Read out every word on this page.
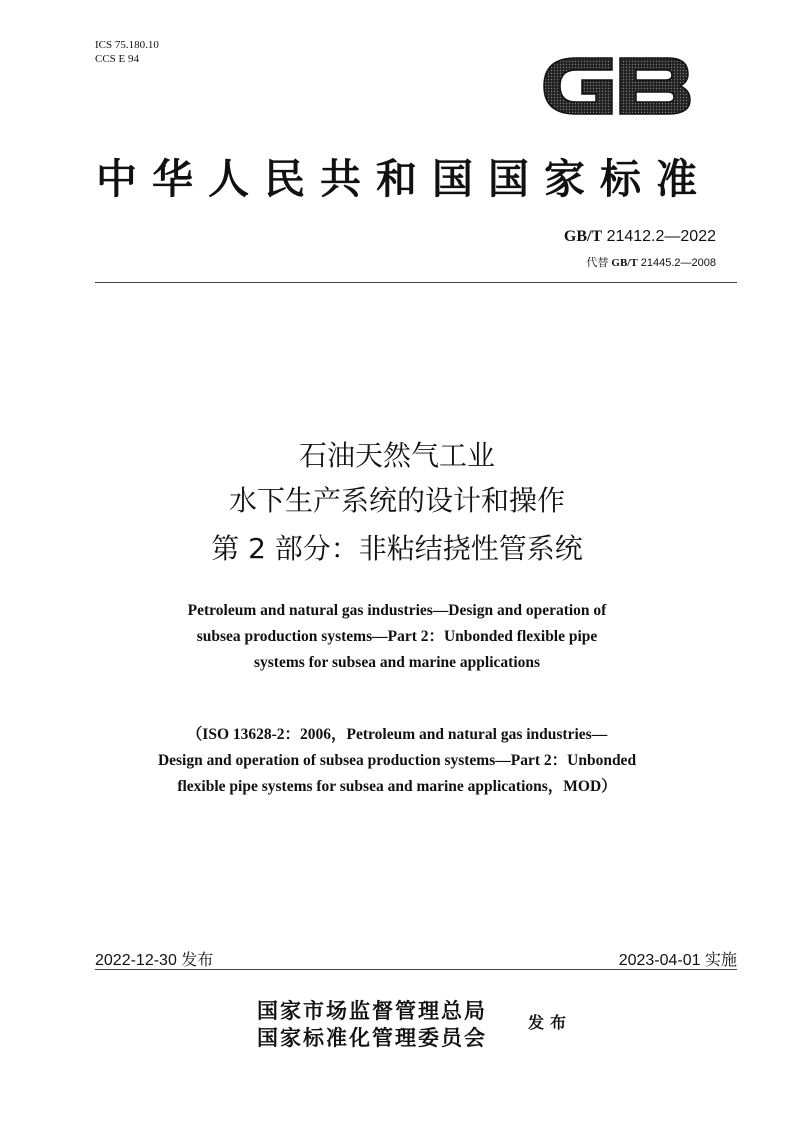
ICS 75.180.10
CCS E 94
GB
中华人民共和国国家标准
GB/T 21412.2—2022
代替 GB/T 21445.2—2008
石油天然气工业
水下生产系统的设计和操作
第 2 部分：非粘结挠性管系统
Petroleum and natural gas industries—Design and operation of
subsea production systems—Part 2：Unbonded flexible pipe
systems for subsea and marine applications
（ISO 13628-2：2006，Petroleum and natural gas industries—
Design and operation of subsea production systems—Part 2：Unbonded
flexible pipe systems for subsea and marine applications，MOD）
2022-12-30 发布	2023-04-01 实施
国家市场监督管理总局
国家标准化管理委员会
发布
